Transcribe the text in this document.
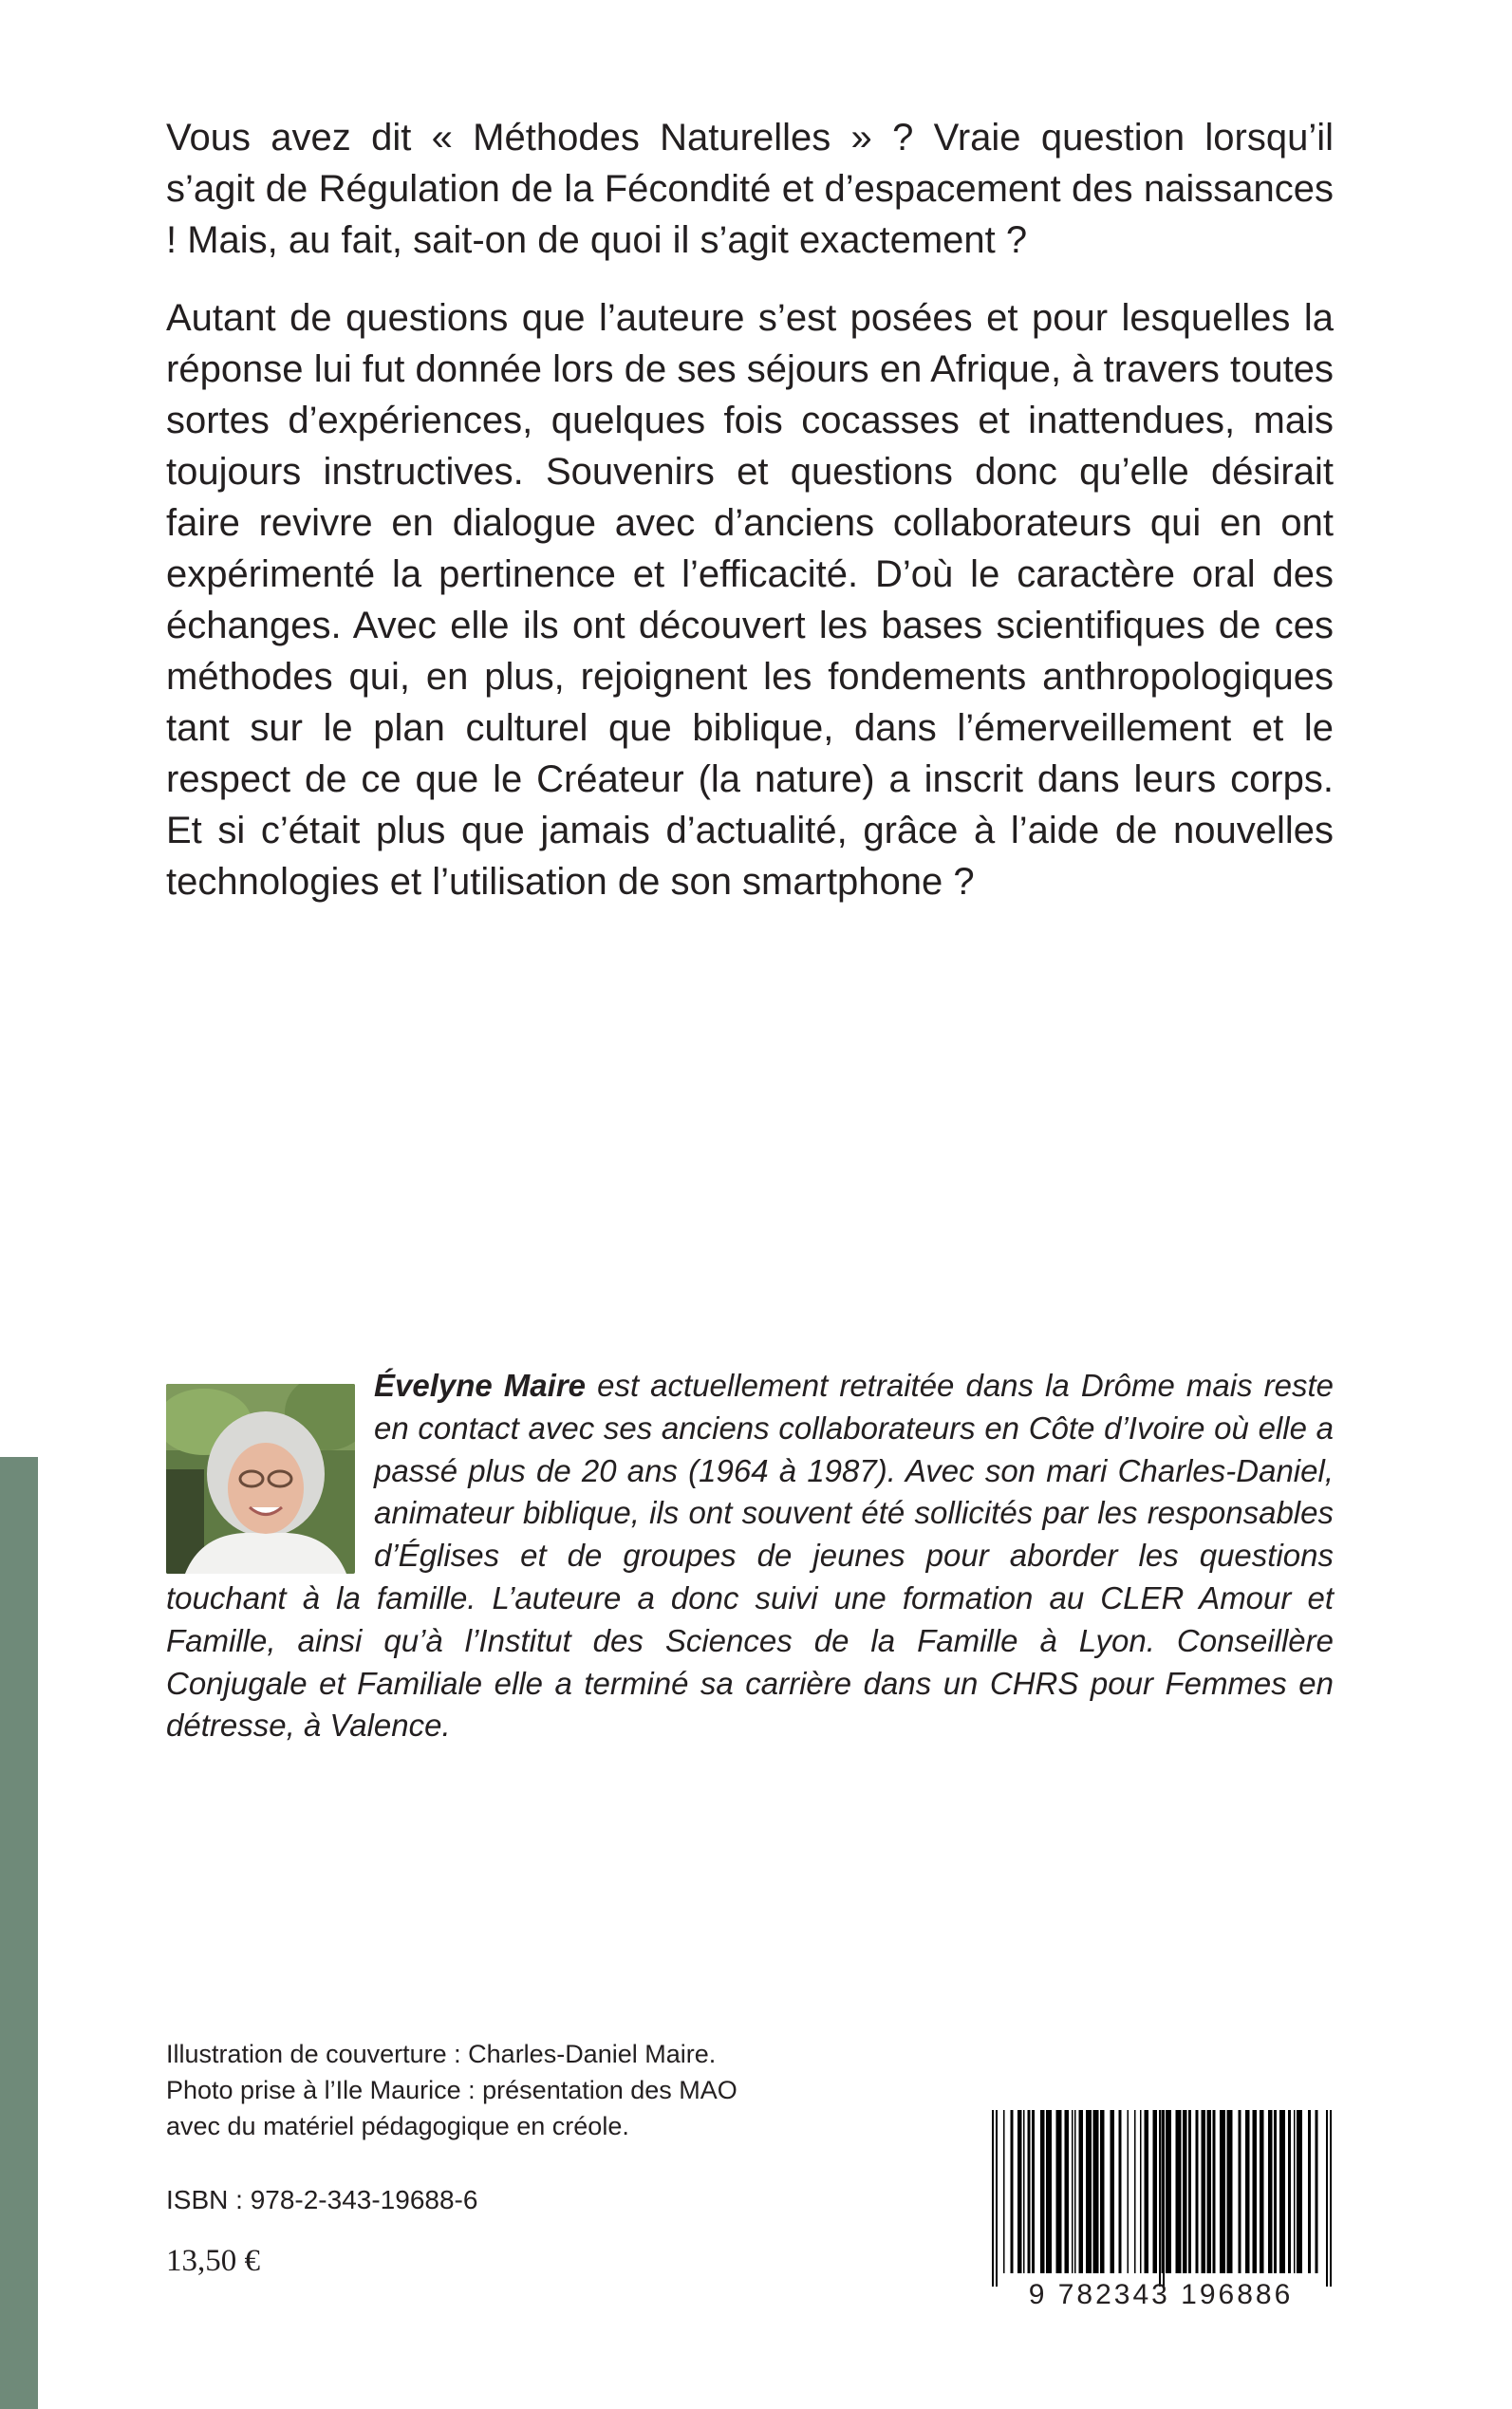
Vous avez dit « Méthodes Naturelles » ? Vraie question lorsqu’il s’agit de Régulation de la Fécondité et d’espacement des naissances ! Mais, au fait, sait-on de quoi il s’agit exactement ?

Autant de questions que l’auteure s’est posées et pour lesquelles la réponse lui fut donnée lors de ses séjours en Afrique, à travers toutes sortes d’expériences, quelques fois cocasses et inattendues, mais toujours instructives. Souvenirs et questions donc qu’elle désirait faire revivre en dialogue avec d’anciens collaborateurs qui en ont expérimenté la pertinence et l’efficacité. D’où le caractère oral des échanges. Avec elle ils ont découvert les bases scientifiques de ces méthodes qui, en plus, rejoignent les fondements anthropologiques tant sur le plan culturel que biblique, dans l’émerveillement et le respect de ce que le Créateur (la nature) a inscrit dans leurs corps. Et si c’était plus que jamais d’actualité, grâce à l’aide de nouvelles technologies et l’utilisation de son smartphone ?

Évelyne Maire est actuellement retraitée dans la Drôme mais reste en contact avec ses anciens collaborateurs en Côte d’Ivoire où elle a passé plus de 20 ans (1964 à 1987). Avec son mari Charles-Daniel, animateur biblique, ils ont souvent été sollicités par les responsables d’Églises et de groupes de jeunes pour aborder les questions touchant à la famille. L’auteure a donc suivi une formation au CLER Amour et Famille, ainsi qu’à l’Institut des Sciences de la Famille à Lyon. Conseillère Conjugale et Familiale elle a terminé sa carrière dans un CHRS pour Femmes en détresse, à Valence.
Illustration de couverture : Charles-Daniel Maire.
Photo prise à l’Ile Maurice : présentation des MAO
avec du matériel pédagogique en créole.
ISBN : 978-2-343-19688-6
13,50 €
9 782343 196886
